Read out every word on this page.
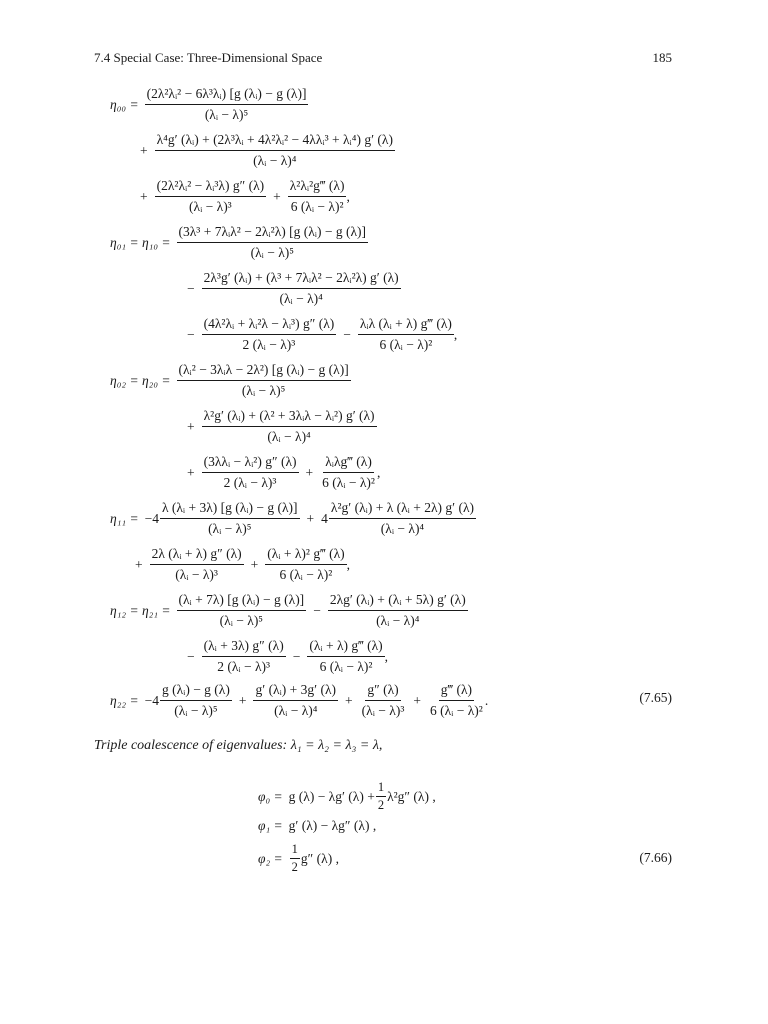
7.4 Special Case: Three-Dimensional Space	185
$\eta_{00} = \frac{\text{(2λ²λᵢ² − 6λ³λᵢ) [g (λᵢ) − g (λ)]}}{\text{(λᵢ − λ)⁵}}$
+ $\frac{\text{λ⁴g′ (λᵢ) + (2λ³λᵢ + 4λ²λᵢ² − 4λλᵢ³ + λᵢ⁴) g′ (λ)}}{\text{(λᵢ − λ)⁴}}$
+ $\frac{\text{(2λ²λᵢ² − λᵢ³λ) g″ (λ)}}{\text{(λᵢ − λ)³}} + \frac{\text{λ²λᵢ²g‴ (λ)}}{\text{6 (λᵢ − λ)²}}$ ,
$\eta_{01} = \eta_{10} = \frac{\text{(3λ³ + 7λᵢλ² − 2λᵢ²λ) [g (λᵢ) − g (λ)]}}{\text{(λᵢ − λ)⁵}}$
− $\frac{\text{2λ³g′ (λᵢ) + (λ³ + 7λᵢλ² − 2λᵢ²λ) g′ (λ)}}{\text{(λᵢ − λ)⁴}}$
− $\frac{\text{(4λ²λᵢ + λᵢ²λ − λᵢ³) g″ (λ)}}{\text{2 (λᵢ − λ)³}} - \frac{\text{λᵢλ (λᵢ + λ) g‴ (λ)}}{\text{6 (λᵢ − λ)²}}$ ,
$\eta_{02} = \eta_{20} = \frac{\text{(λᵢ² − 3λᵢλ − 2λ²) [g (λᵢ) − g (λ)]}}{\text{(λᵢ − λ)⁵}}$
+ $\frac{\text{λ²g′ (λᵢ) + (λ² + 3λᵢλ − λᵢ²) g′ (λ)}}{\text{(λᵢ − λ)⁴}}$
+ $\frac{\text{(3λλᵢ − λᵢ²) g″ (λ)}}{\text{2 (λᵢ − λ)³}} + \frac{\text{λᵢλg‴ (λ)}}{\text{6 (λᵢ − λ)²}}$ ,
$\eta_{11} = -4 \frac{\text{λ (λᵢ + 3λ) [g (λᵢ) − g (λ)]}}{\text{(λᵢ − λ)⁵}} + 4 \frac{\text{λ²g′ (λᵢ) + λ (λᵢ + 2λ) g′ (λ)}}{\text{(λᵢ − λ)⁴}}$
+ $\frac{\text{2λ (λᵢ + λ) g″ (λ)}}{\text{(λᵢ − λ)³}} + \frac{\text{(λᵢ + λ)² g‴ (λ)}}{\text{6 (λᵢ − λ)²}}$ ,
$\eta_{12} = \eta_{21} = \frac{\text{(λᵢ + 7λ) [g (λᵢ) − g (λ)]}}{\text{(λᵢ − λ)⁵}} - \frac{\text{2λg′ (λᵢ) + (λᵢ + 5λ) g′ (λ)}}{\text{(λᵢ − λ)⁴}}$
− $\frac{\text{(λᵢ + 3λ) g″ (λ)}}{\text{2 (λᵢ − λ)³}} - \frac{\text{(λᵢ + λ) g‴ (λ)}}{\text{6 (λᵢ − λ)²}}$ ,
$\eta_{22} = -4 \frac{\text{g (λᵢ) − g (λ)}}{\text{(λᵢ − λ)⁵}} + \frac{\text{g′ (λᵢ) + 3g′ (λ)}}{\text{(λᵢ − λ)⁴}} + \frac{g'' (\lambda)}{\text{(λᵢ − λ)³}} + \frac{g‴ (\lambda)}{\text{6 (λᵢ − λ)²}}$ .	(7.65)
Triple coalescence of eigenvalues: λ₁ = λ₂ = λ₃ = λ,
φ₀ = g (λ) − λg′ $(\lambda) + \frac{1}{2} \lambda^2g''$ (λ) ,
φ₁ = g′ (λ) − λg″ (λ) ,
$\varphi_2 = \frac{1}{2} g''$ (λ) ,	(7.66)
